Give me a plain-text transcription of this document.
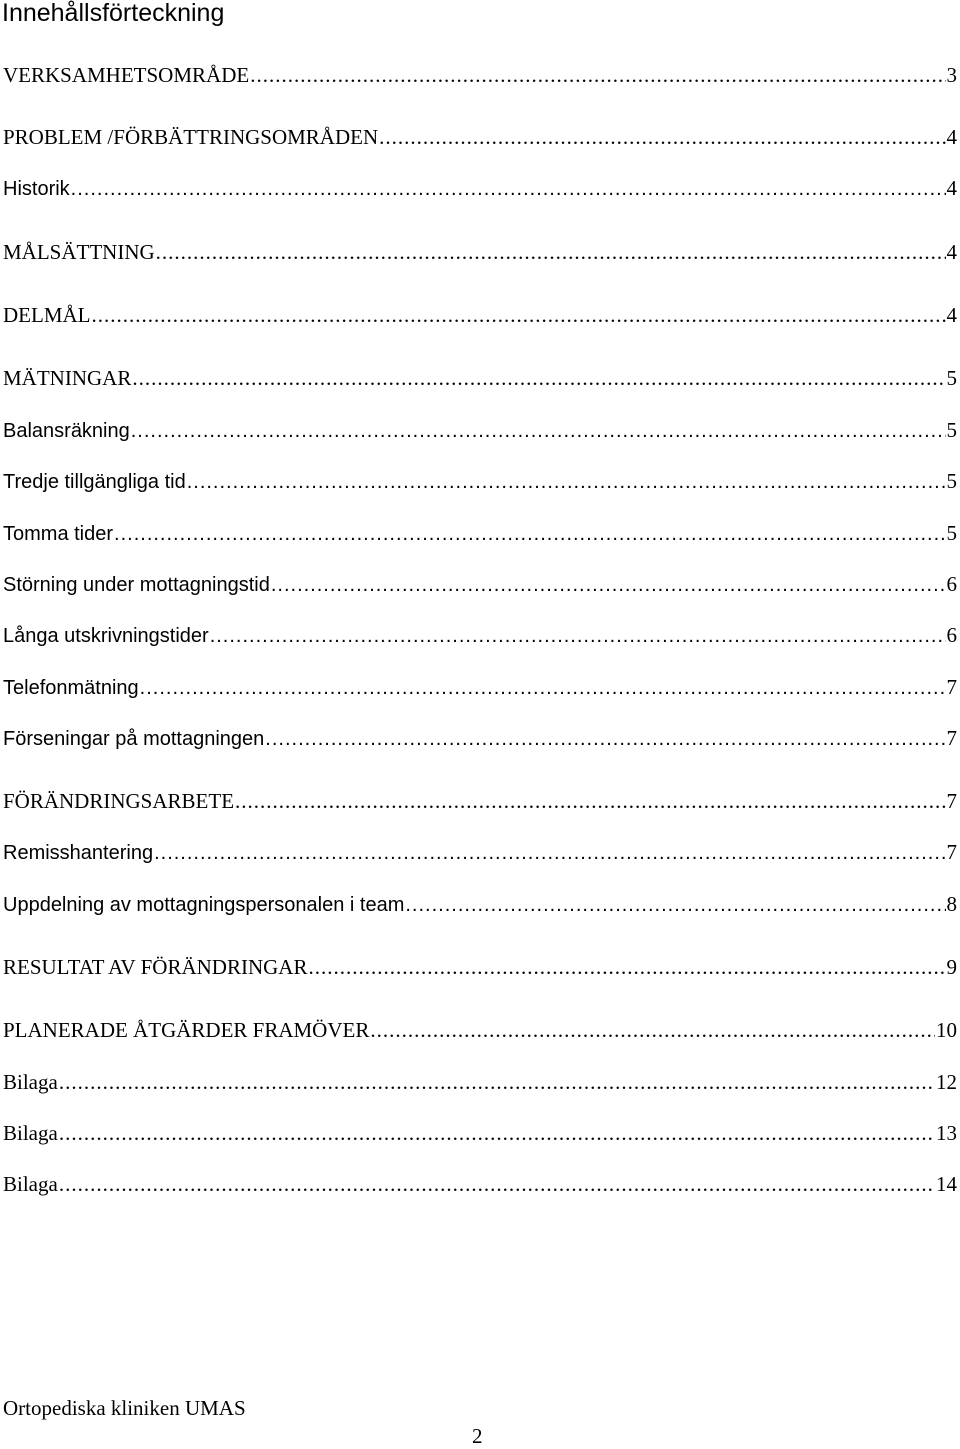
Innehållsförteckning
VERKSAMHETSOMRÅDE .....	3
PROBLEM /FÖRBÄTTRINGSOMRÅDEN .....	4
Historik .....	4
MÅLSÄTTNING .....	4
DELMÅL .....	4
MÄTNINGAR .....	5
Balansräkning .....	5
Tredje tillgängliga tid .....	5
Tomma tider .....	5
Störning under mottagningstid .....	6
Långa utskrivningstider .....	6
Telefonmätning .....	7
Förseningar på mottagningen .....	7
FÖRÄNDRINGSARBETE .....	7
Remisshantering .....	7
Uppdelning av mottagningspersonalen i team .....	8
RESULTAT AV FÖRÄNDRINGAR .....	9
PLANERADE ÅTGÄRDER FRAMÖVER .....	10
Bilaga .....	12
Bilaga .....	13
Bilaga .....	14
Ortopediska kliniken UMAS
2
